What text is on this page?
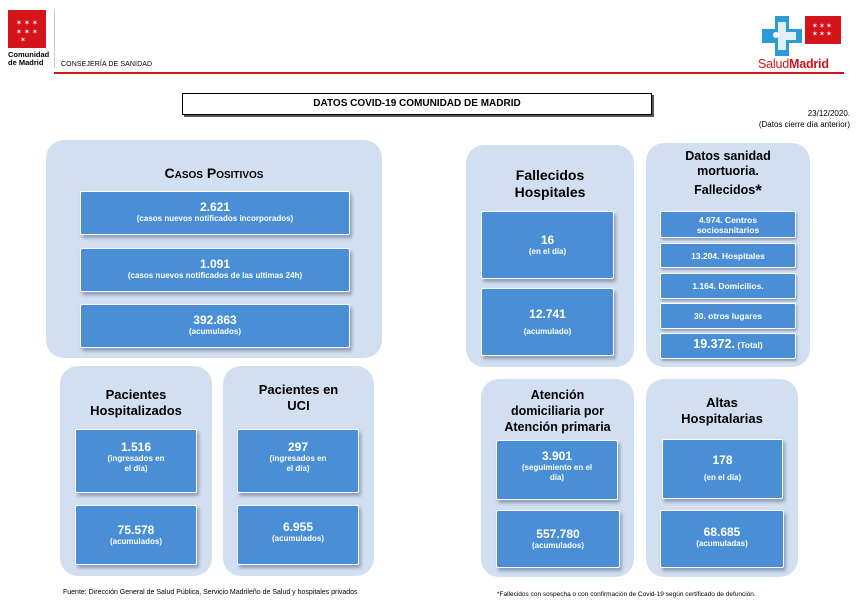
✶ ✶ ✶
✶ ✶ ✶
✶
Comunidad
de Madrid	CONSEJERÍA DE SANIDAD
✶ ✶ ✶
✶ ✶ ✶
SaludMadrid
DATOS COVID-19 COMUNIDAD DE MADRID
23/12/2020.
(Datos cierre día anterior)
Casos Positivos
2.621
(casos nuevos notificados incorporados)
1.091
(casos nuevos notificados de las ultimas 24h)
392.863
(acumulados)
Pacientes
Hospitalizados
1.516
(ingresados en
el día)
75.578
(acumulados)
Pacientes en
UCI
297
(ingresados en
el día)
6.955
(acumulados)
Fallecidos
Hospitales
16
(en el día)
12.741
(acumulado)
Datos sanidad
mortuoria.
Fallecidos*
4.974. Centros
sociosanitarios
13.204. Hospitales
1.164. Domicilios.
30. otros lugares
19.372. (Total)
Atención
domiciliaria por
Atención primaria
3.901
(seguimiento en el
día)
557.780
(acumulados)
Altas
Hospitalarias
178
(en el día)
68.685
(acumuladas)
Fuente: Dirección General de Salud Pública, Servicio Madrileño de Salud y hospitales privados	*Fallecidos con sospecha o con confirmación de Covid-19 según certificado de defunción.
